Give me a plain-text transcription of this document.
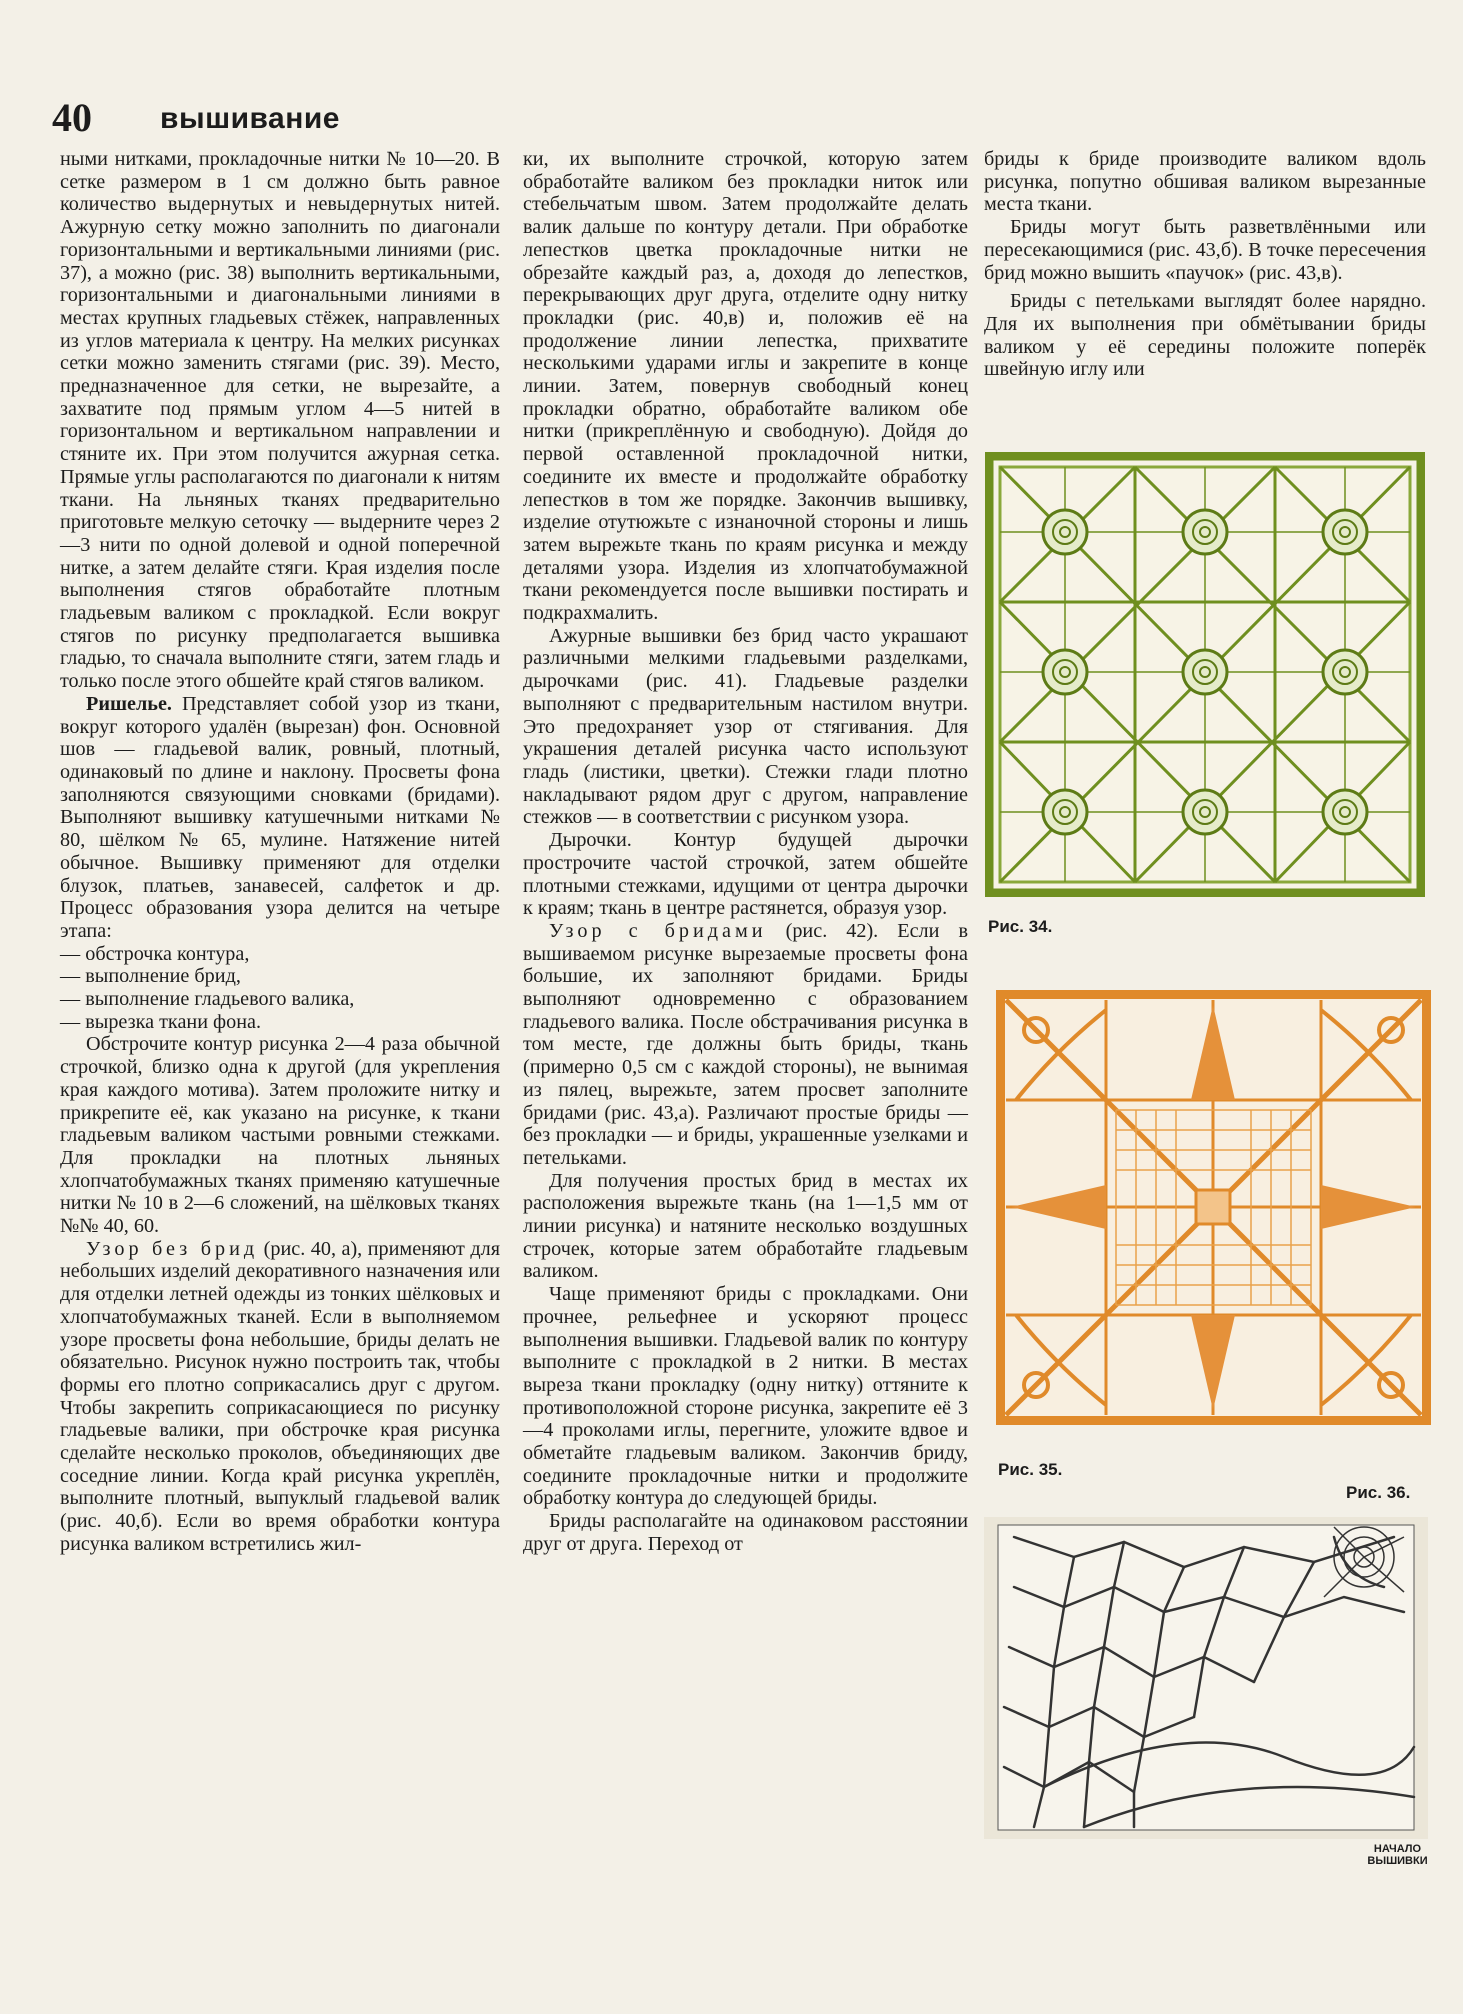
40 вышивание

ными нитками, прокладочные нитки № 10—20. В сетке размером в 1 см должно быть равное количество выдернутых и невыдернутых нитей. Ажурную сетку можно заполнить по диагонали горизонтальными и вертикальными линиями (рис. 37), а можно (рис. 38) выполнить вертикальными, горизонтальными и диагональными линиями в местах крупных гладьевых стёжек, направленных из углов материала к центру. На мелких рисунках сетки можно заменить стягами (рис. 39). Место, предназначенное для сетки, не вырезайте, а захватите под прямым углом 4—5 нитей в горизонтальном и вертикальном направлении и стяните их. При этом получится ажурная сетка. Прямые углы располагаются по диагонали к нитям ткани. На льняных тканях предварительно приготовьте мелкую сеточку — выдерните через 2—3 нити по одной долевой и одной поперечной нитке, а затем делайте стяги. Края изделия после выполнения стягов обработайте плотным гладьевым валиком с прокладкой. Если вокруг стягов по рисунку предполагается вышивка гладью, то сначала выполните стяги, затем гладь и только после этого обшейте край стягов валиком.

Ришелье. Представляет собой узор из ткани, вокруг которого удалён (вырезан) фон. Основной шов — гладьевой валик, ровный, плотный, одинаковый по длине и наклону. Просветы фона заполняются связующими сновками (бридами). Выполняют вышивку катушечными нитками № 80, шёлком № 65, мулине. Натяжение нитей обычное. Вышивку применяют для отделки блузок, платьев, занавесей, салфеток и др. Процесс образования узора делится на четыре этапа:

— обстрочка контура,
— выполнение брид,
— выполнение гладьевого валика,
— вырезка ткани фона.

Обстрочите контур рисунка 2—4 раза обычной строчкой, близко одна к другой (для укрепления края каждого мотива). Затем проложите нитку и прикрепите её, как указано на рисунке, к ткани гладьевым валиком частыми ровными стежками. Для прокладки на плотных льняных хлопчатобумажных тканях применяю катушечные нитки № 10 в 2—6 сложений, на шёлковых тканях №№ 40, 60.

Узор без брид (рис. 40, а), применяют для небольших изделий декоративного назначения или для отделки летней одежды из тонких шёлковых и хлопчатобумажных тканей. Если в выполняемом узоре просветы фона небольшие, бриды делать не обязательно. Рисунок нужно построить так, чтобы формы его плотно соприкасались друг с другом. Чтобы закрепить соприкасающиеся по рисунку гладьевые валики, при обстрочке края рисунка сделайте несколько проколов, объединяющих две соседние линии. Когда край рисунка укреплён, выполните плотный, выпуклый гладьевой валик (рис. 40,б). Если во время обработки контура рисунка валиком встретились жил-

ки, их выполните строчкой, которую затем обработайте валиком без прокладки ниток или стебельчатым швом. Затем продолжайте делать валик дальше по контуру детали. При обработке лепестков цветка прокладочные нитки не обрезайте каждый раз, а, доходя до лепестков, перекрывающих друг друга, отделите одну нитку прокладки (рис. 40,в) и, положив её на продолжение линии лепестка, прихватите несколькими ударами иглы и закрепите в конце линии. Затем, повернув свободный конец прокладки обратно, обработайте валиком обе нитки (прикреплённую и свободную). Дойдя до первой оставленной прокладочной нитки, соедините их вместе и продолжайте обработку лепестков в том же порядке. Закончив вышивку, изделие отутюжьте с изнаночной стороны и лишь затем вырежьте ткань по краям рисунка и между деталями узора. Изделия из хлопчатобумажной ткани рекомендуется после вышивки постирать и подкрахмалить.

Ажурные вышивки без брид часто украшают различными мелкими гладьевыми разделками, дырочками (рис. 41). Гладьевые разделки выполняют с предварительным настилом внутри. Это предохраняет узор от стягивания. Для украшения деталей рисунка часто используют гладь (листики, цветки). Стежки глади плотно накладывают рядом друг с другом, направление стежков — в соответствии с рисунком узора.

Дырочки. Контур будущей дырочки прострочите частой строчкой, затем обшейте плотными стежками, идущими от центра дырочки к краям; ткань в центре растянется, образуя узор.

Узор с бридами (рис. 42). Если в вышиваемом рисунке вырезаемые просветы фона большие, их заполняют бридами. Бриды выполняют одновременно с образованием гладьевого валика. После обстрачивания рисунка в том месте, где должны быть бриды, ткань (примерно 0,5 см с каждой стороны), не вынимая из пялец, вырежьте, затем просвет заполните бридами (рис. 43,а). Различают простые бриды — без прокладки — и бриды, украшенные узелками и петельками.

Для получения простых брид в местах их расположения вырежьте ткань (на 1—1,5 мм от линии рисунка) и натяните несколько воздушных строчек, которые затем обработайте гладьевым валиком.

Чаще применяют бриды с прокладками. Они прочнее, рельефнее и ускоряют процесс выполнения вышивки. Гладьевой валик по контуру выполните с прокладкой в 2 нитки. В местах выреза ткани прокладку (одну нитку) оттяните к противоположной стороне рисунка, закрепите её 3—4 проколами иглы, перегните, уложите вдвое и обметайте гладьевым валиком. Закончив бриду, соедините прокладочные нитки и продолжите обработку контура до следующей бриды.

Бриды располагайте на одинаковом расстоянии друг от друга. Переход от

бриды к бриде производите валиком вдоль рисунка, попутно обшивая валиком вырезанные места ткани.

Бриды могут быть разветвлёнными или пересекающимися (рис. 43,б). В точке пересечения брид можно вышить «паучок» (рис. 43,в).

Бриды с петельками выглядят более нарядно. Для их выполнения при обмётывании бриды валиком у её середины положите поперёк швейную иглу или

Рис. 34.
Рис. 35.
Рис. 36.
НАЧАЛО ВЫШИВКИ
